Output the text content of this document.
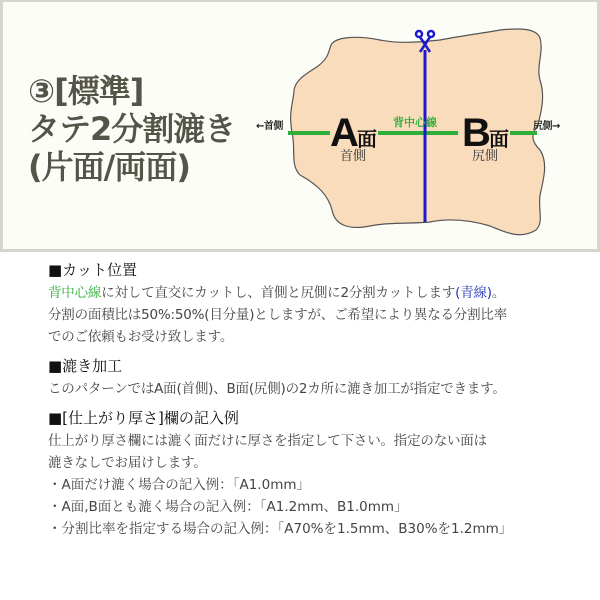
③[標準]
タテ2分割漉き
(片面/両面)
←首側	尻側→
背中心線
A
面
首側
B
面
尻側
■カット位置
背中心線に対して直交にカットし、首側と尻側に2分割カットします(青線)。
分割の面積比は50%:50%(目分量)としますが、ご希望により異なる分割比率
でのご依頼もお受け致します。
■漉き加工
このパターンではA面(首側)、B面(尻側)の2カ所に漉き加工が指定できます。
■[仕上がり厚さ]欄の記入例
仕上がり厚さ欄には漉く面だけに厚さを指定して下さい。指定のない面は
漉きなしでお届けします。
・A面だけ漉く場合の記入例：「A1.0mm」
・A面,B面とも漉く場合の記入例：「A1.2mm、B1.0mm」
・分割比率を指定する場合の記入例：「A70%を1.5mm、B30%を1.2mm」
